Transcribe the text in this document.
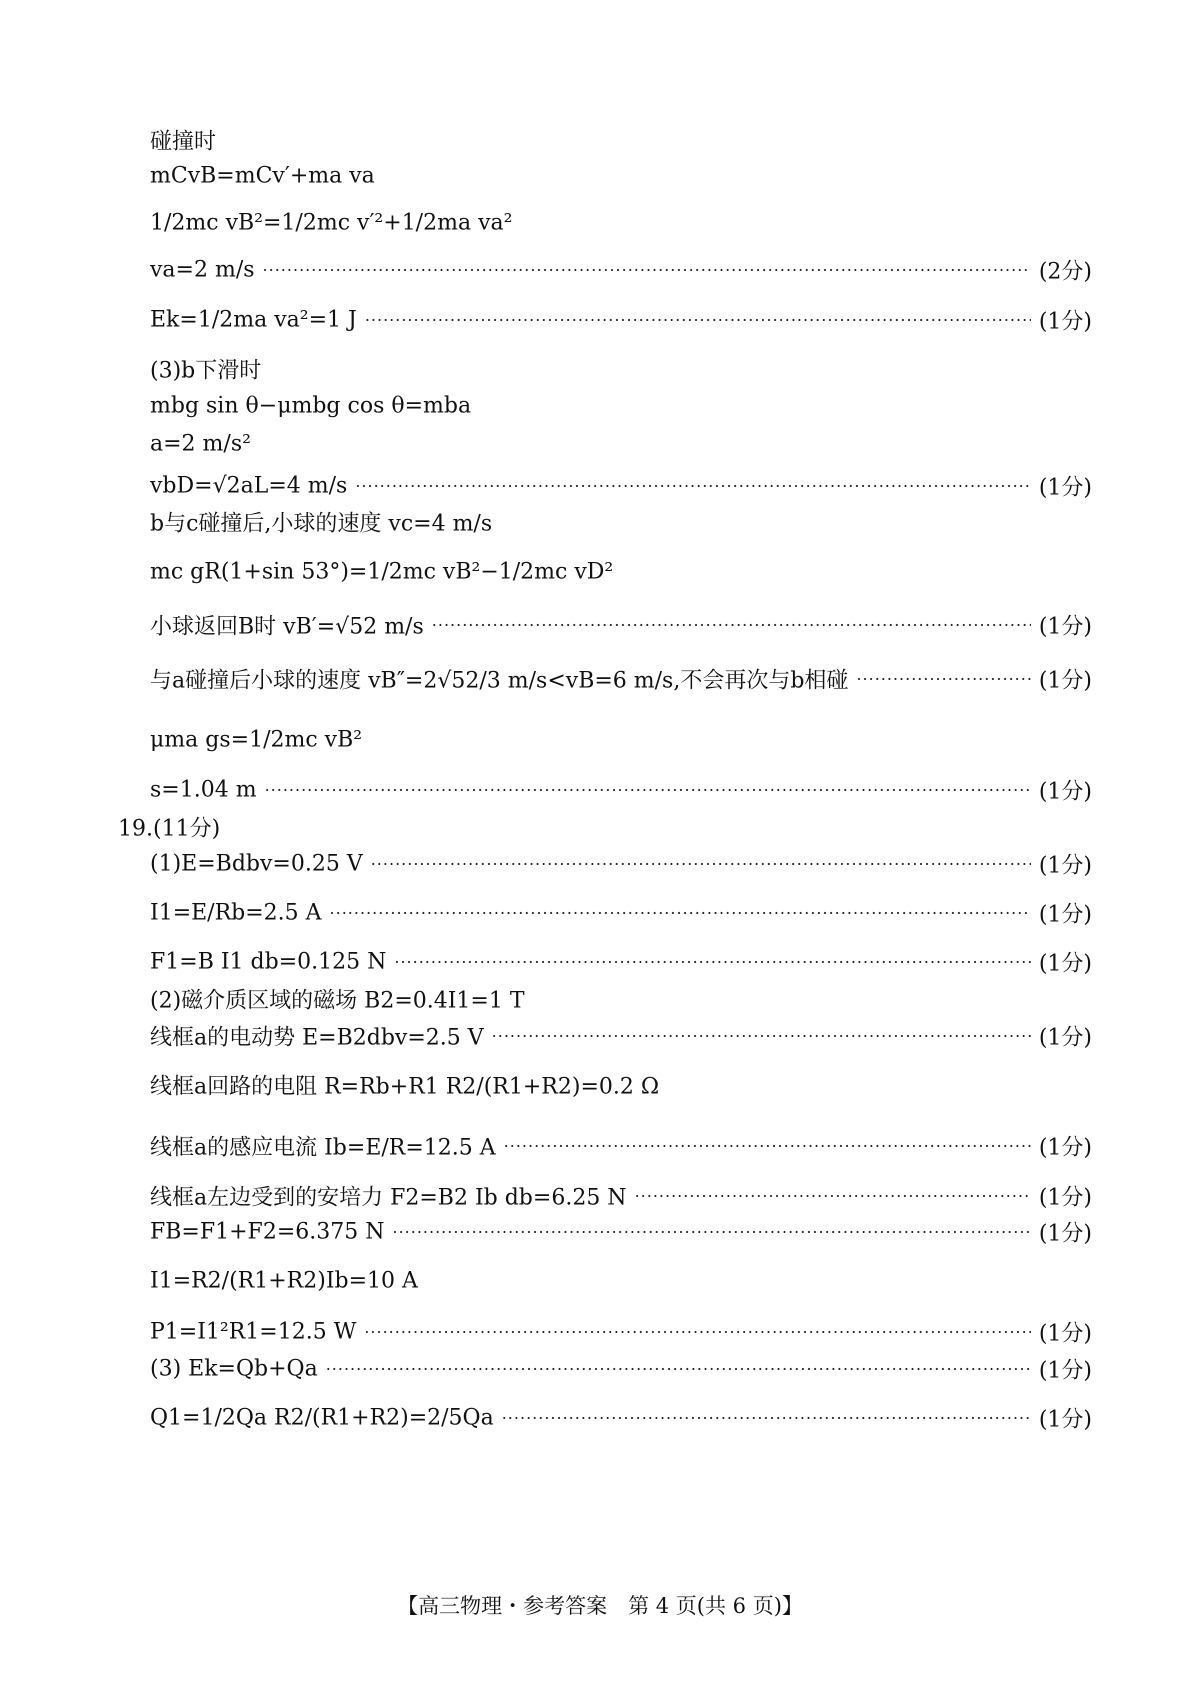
碰撞时
mCvB=mCv′+ma va
1/2mc vB²=1/2mc v′²+1/2ma va²
va=2 m/s ·····	(2分)
Ek=1/2ma va²=1 J ·····	(1分)
(3)b下滑时
mbg sin θ−μmbg cos θ=mba
a=2 m/s²
vbD=√2aL=4 m/s ·····	(1分)
b与c碰撞后,小球的速度 vc=4 m/s
mc gR(1+sin 53°)=1/2mc vB²−1/2mc vD²
小球返回B时 vB′=√52 m/s ·····	(1分)
与a碰撞后小球的速度 vB″=2√52/3 m/s<vB=6 m/s,不会再次与b相碰 ·····	(1分)
μma gs=1/2mc vB²
s=1.04 m ·····	(1分)
19.(11分)
(1)E=Bdbv=0.25 V ·····	(1分)
I1=E/Rb=2.5 A ·····	(1分)
F1=B I1 db=0.125 N ·····	(1分)
(2)磁介质区域的磁场 B2=0.4I1=1 T
线框a的电动势 E=B2dbv=2.5 V ·····	(1分)
线框a回路的电阻 R=Rb+R1 R2/(R1+R2)=0.2 Ω
线框a的感应电流 Ib=E/R=12.5 A ·····	(1分)
线框a左边受到的安培力 F2=B2 Ib db=6.25 N ·····	(1分)
FB=F1+F2=6.375 N ·····	(1分)
I1=R2/(R1+R2)Ib=10 A
P1=I1²R1=12.5 W ·····	(1分)
(3) Ek=Qb+Qa ·····	(1分)
Q1=1/2Qa R2/(R1+R2)=2/5Qa ·····	(1分)
【高三物理・参考答案　第 4 页(共 6 页)】
